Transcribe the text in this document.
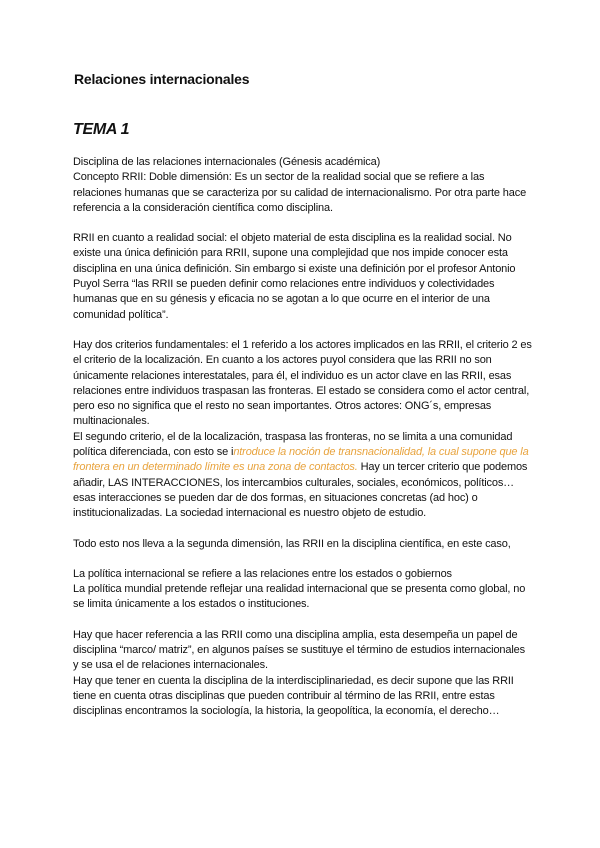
Relaciones internacionales
TEMA 1

Disciplina de las relaciones internacionales (Génesis académica)
Concepto RRII: Doble dimensión: Es un sector de la realidad social que se refiere a las relaciones humanas que se caracteriza por su calidad de internacionalismo. Por otra parte hace referencia a la consideración científica como disciplina.

RRII en cuanto a realidad social: el objeto material de esta disciplina es la realidad social. No existe una única definición para RRII, supone una complejidad que nos impide conocer esta disciplina en una única definición. Sin embargo si existe una definición por el profesor Antonio Puyol Serra “las RRII se pueden definir como relaciones entre individuos y colectividades humanas que en su génesis y eficacia no se agotan a lo que ocurre en el interior de una comunidad política”.

Hay dos criterios fundamentales: el 1 referido a los actores implicados en las RRII, el criterio 2 es el criterio de la localización. En cuanto a los actores puyol considera que las RRII no son únicamente relaciones interestatales, para él, el individuo es un actor clave en las RRII, esas relaciones entre individuos traspasan las fronteras. El estado se considera como el actor central, pero eso no significa que el resto no sean importantes. Otros actores: ONG´s, empresas multinacionales.

El segundo criterio, el de la localización, traspasa las fronteras, no se limita a una comunidad política diferenciada, con esto se introduce la noción de transnacionalidad, la cual supone que la frontera en un determinado límite es una zona de contactos. Hay un tercer criterio que podemos añadir, LAS INTERACCIONES, los intercambios culturales, sociales, económicos, políticos… esas interacciones se pueden dar de dos formas, en situaciones concretas (ad hoc) o institucionalizadas. La sociedad internacional es nuestro objeto de estudio.

Todo esto nos lleva a la segunda dimensión, las RRII en la disciplina científica, en este caso,

La política internacional se refiere a las relaciones entre los estados o gobiernos
La política mundial pretende reflejar una realidad internacional que se presenta como global, no se limita únicamente a los estados o instituciones.

Hay que hacer referencia a las RRII como una disciplina amplia, esta desempeña un papel de disciplina “marco/ matriz”, en algunos países se sustituye el término de estudios internacionales y se usa el de relaciones internacionales.
Hay que tener en cuenta la disciplina de la interdisciplinariedad, es decir supone que las RRII tiene en cuenta otras disciplinas que pueden contribuir al término de las RRII, entre estas disciplinas encontramos la sociología, la historia, la geopolítica, la economía, el derecho…
